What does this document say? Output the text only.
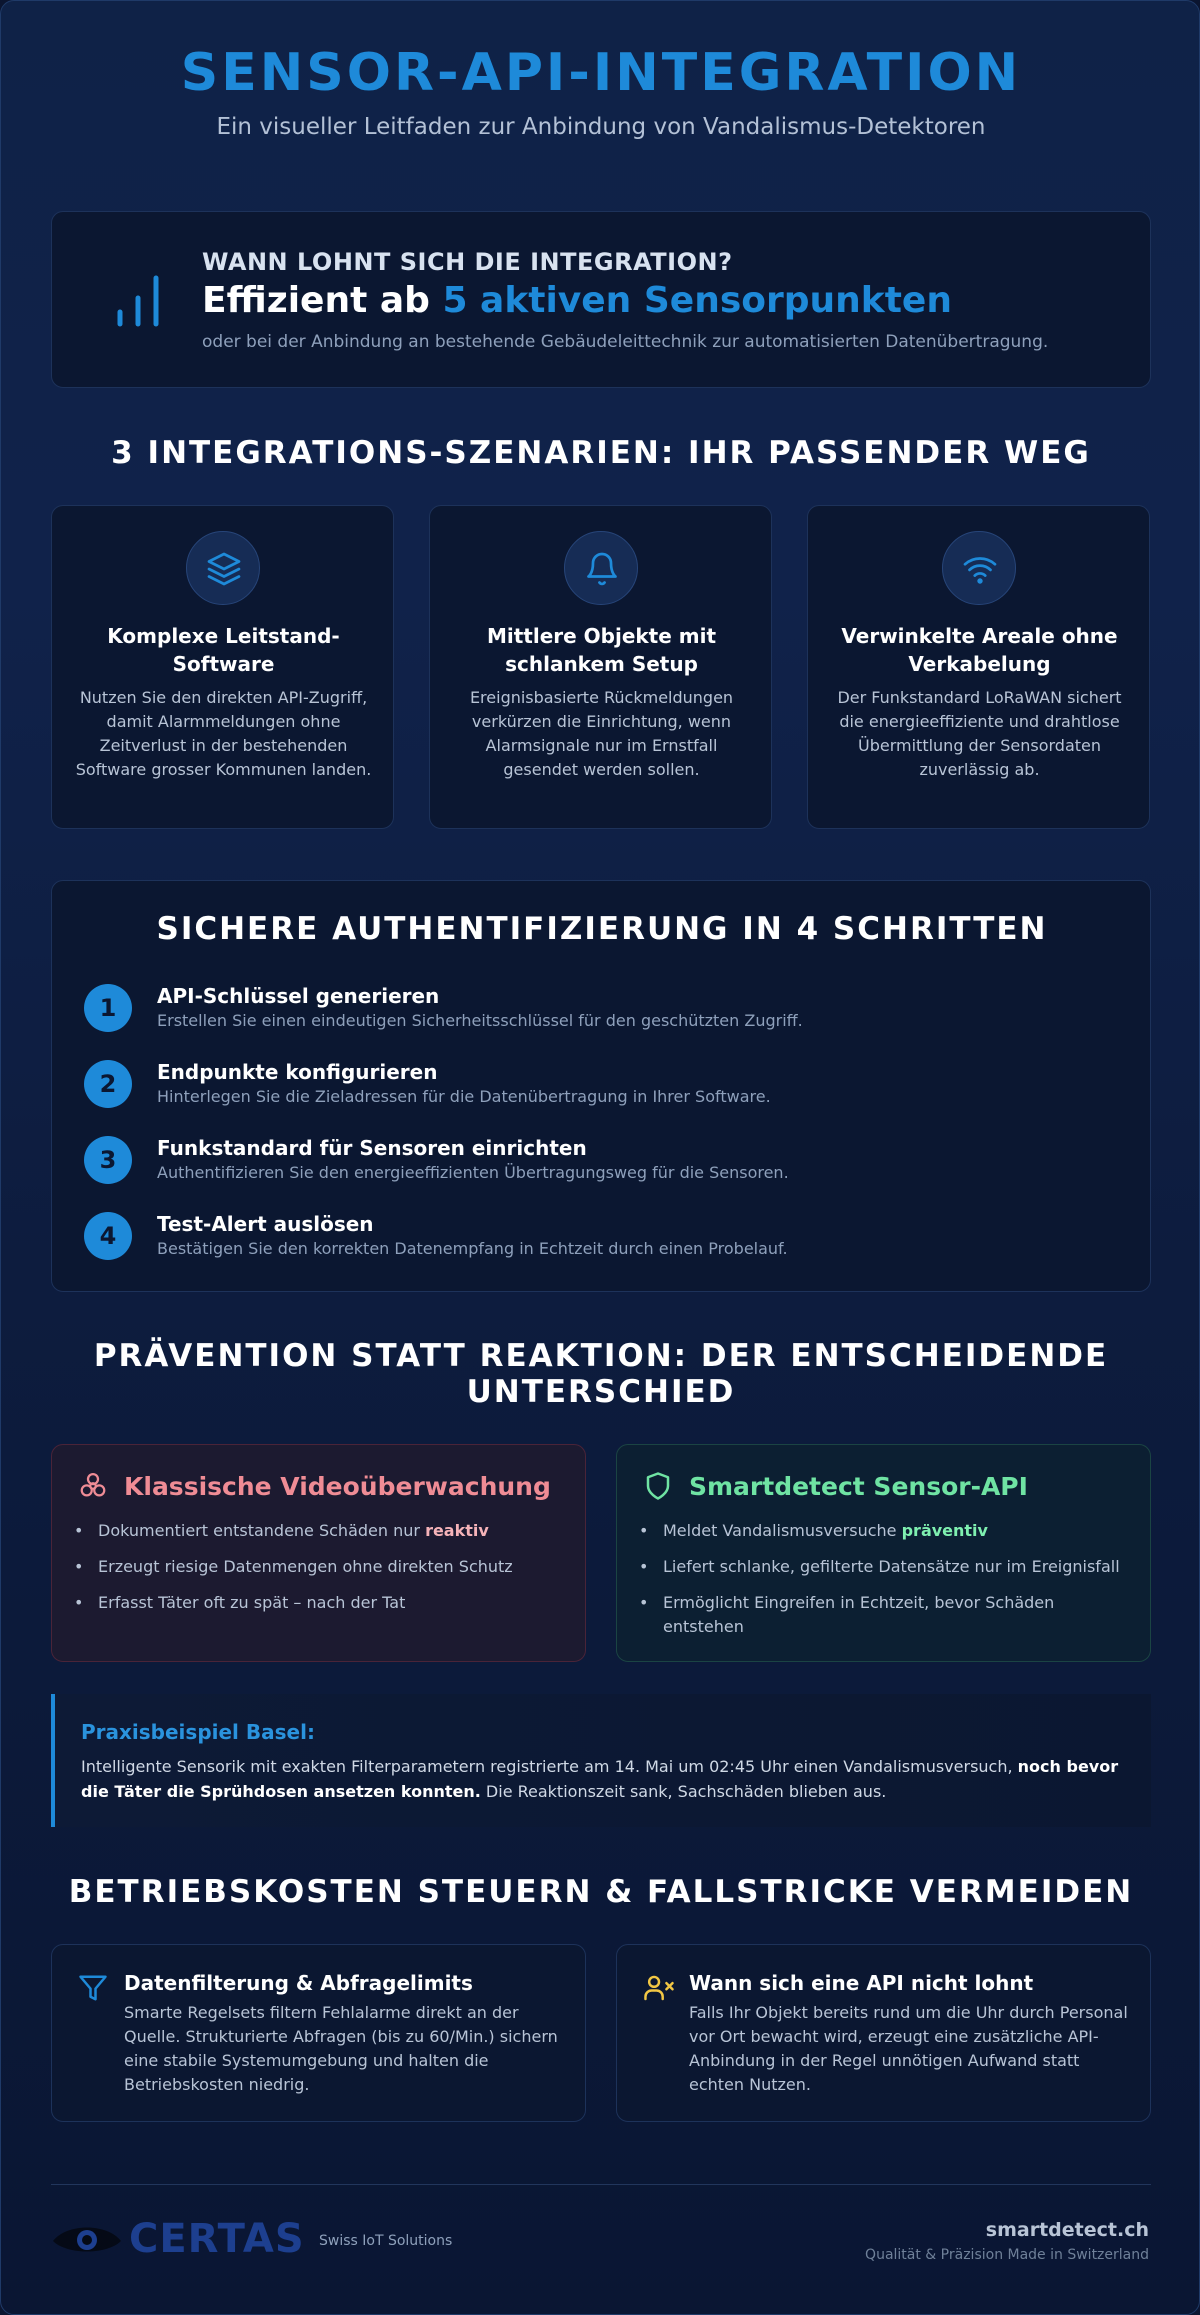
SENSOR-API-INTEGRATION
Ein visueller Leitfaden zur Anbindung von Vandalismus-Detektoren
WANN LOHNT SICH DIE INTEGRATION?
Effizient ab 5 aktiven Sensorpunkten
oder bei der Anbindung an bestehende Gebäudeleittechnik zur automatisierten Datenübertragung.
3 INTEGRATIONS-SZENARIEN: IHR PASSENDER WEG
Komplexe Leitstand-Software
Nutzen Sie den direkten API-Zugriff, damit Alarmmeldungen ohne Zeitverlust in der bestehenden Software grosser Kommunen landen.
Mittlere Objekte mit schlankem Setup
Ereignisbasierte Rückmeldungen verkürzen die Einrichtung, wenn Alarmsignale nur im Ernstfall gesendet werden sollen.
Verwinkelte Areale ohne Verkabelung
Der Funkstandard LoRaWAN sichert die energieeffiziente und drahtlose Übermittlung der Sensordaten zuverlässig ab.
SICHERE AUTHENTIFIZIERUNG IN 4 SCHRITTEN
1	API-Schlüssel generieren
Erstellen Sie einen eindeutigen Sicherheitsschlüssel für den geschützten Zugriff.
2	Endpunkte konfigurieren
Hinterlegen Sie die Zieladressen für die Datenübertragung in Ihrer Software.
3	Funkstandard für Sensoren einrichten
Authentifizieren Sie den energieeffizienten Übertragungsweg für die Sensoren.
4	Test-Alert auslösen
Bestätigen Sie den korrekten Datenempfang in Echtzeit durch einen Probelauf.
PRÄVENTION STATT REAKTION: DER ENTSCHEIDENDE
UNTERSCHIED
Klassische Videoüberwachung
• Dokumentiert entstandene Schäden nur reaktiv
• Erzeugt riesige Datenmengen ohne direkten Schutz
• Erfasst Täter oft zu spät – nach der Tat
Smartdetect Sensor-API
• Meldet Vandalismusversuche präventiv
• Liefert schlanke, gefilterte Datensätze nur im Ereignisfall
• Ermöglicht Eingreifen in Echtzeit, bevor Schäden entstehen
Praxisbeispiel Basel:
Intelligente Sensorik mit exakten Filterparametern registrierte am 14. Mai um 02:45 Uhr einen Vandalismusversuch, noch bevor die Täter die Sprühdosen ansetzen konnten. Die Reaktionszeit sank, Sachschäden blieben aus.
BETRIEBSKOSTEN STEUERN & FALLSTRICKE VERMEIDEN
Datenfilterung & Abfragelimits
Smarte Regelsets filtern Fehlalarme direkt an der Quelle. Strukturierte Abfragen (bis zu 60/Min.) sichern eine stabile Systemumgebung und halten die Betriebskosten niedrig.
Wann sich eine API nicht lohnt
Falls Ihr Objekt bereits rund um die Uhr durch Personal vor Ort bewacht wird, erzeugt eine zusätzliche API-Anbindung in der Regel unnötigen Aufwand statt echten Nutzen.
CERTAS Swiss IoT Solutions	smartdetect.ch
Qualität & Präzision Made in Switzerland
